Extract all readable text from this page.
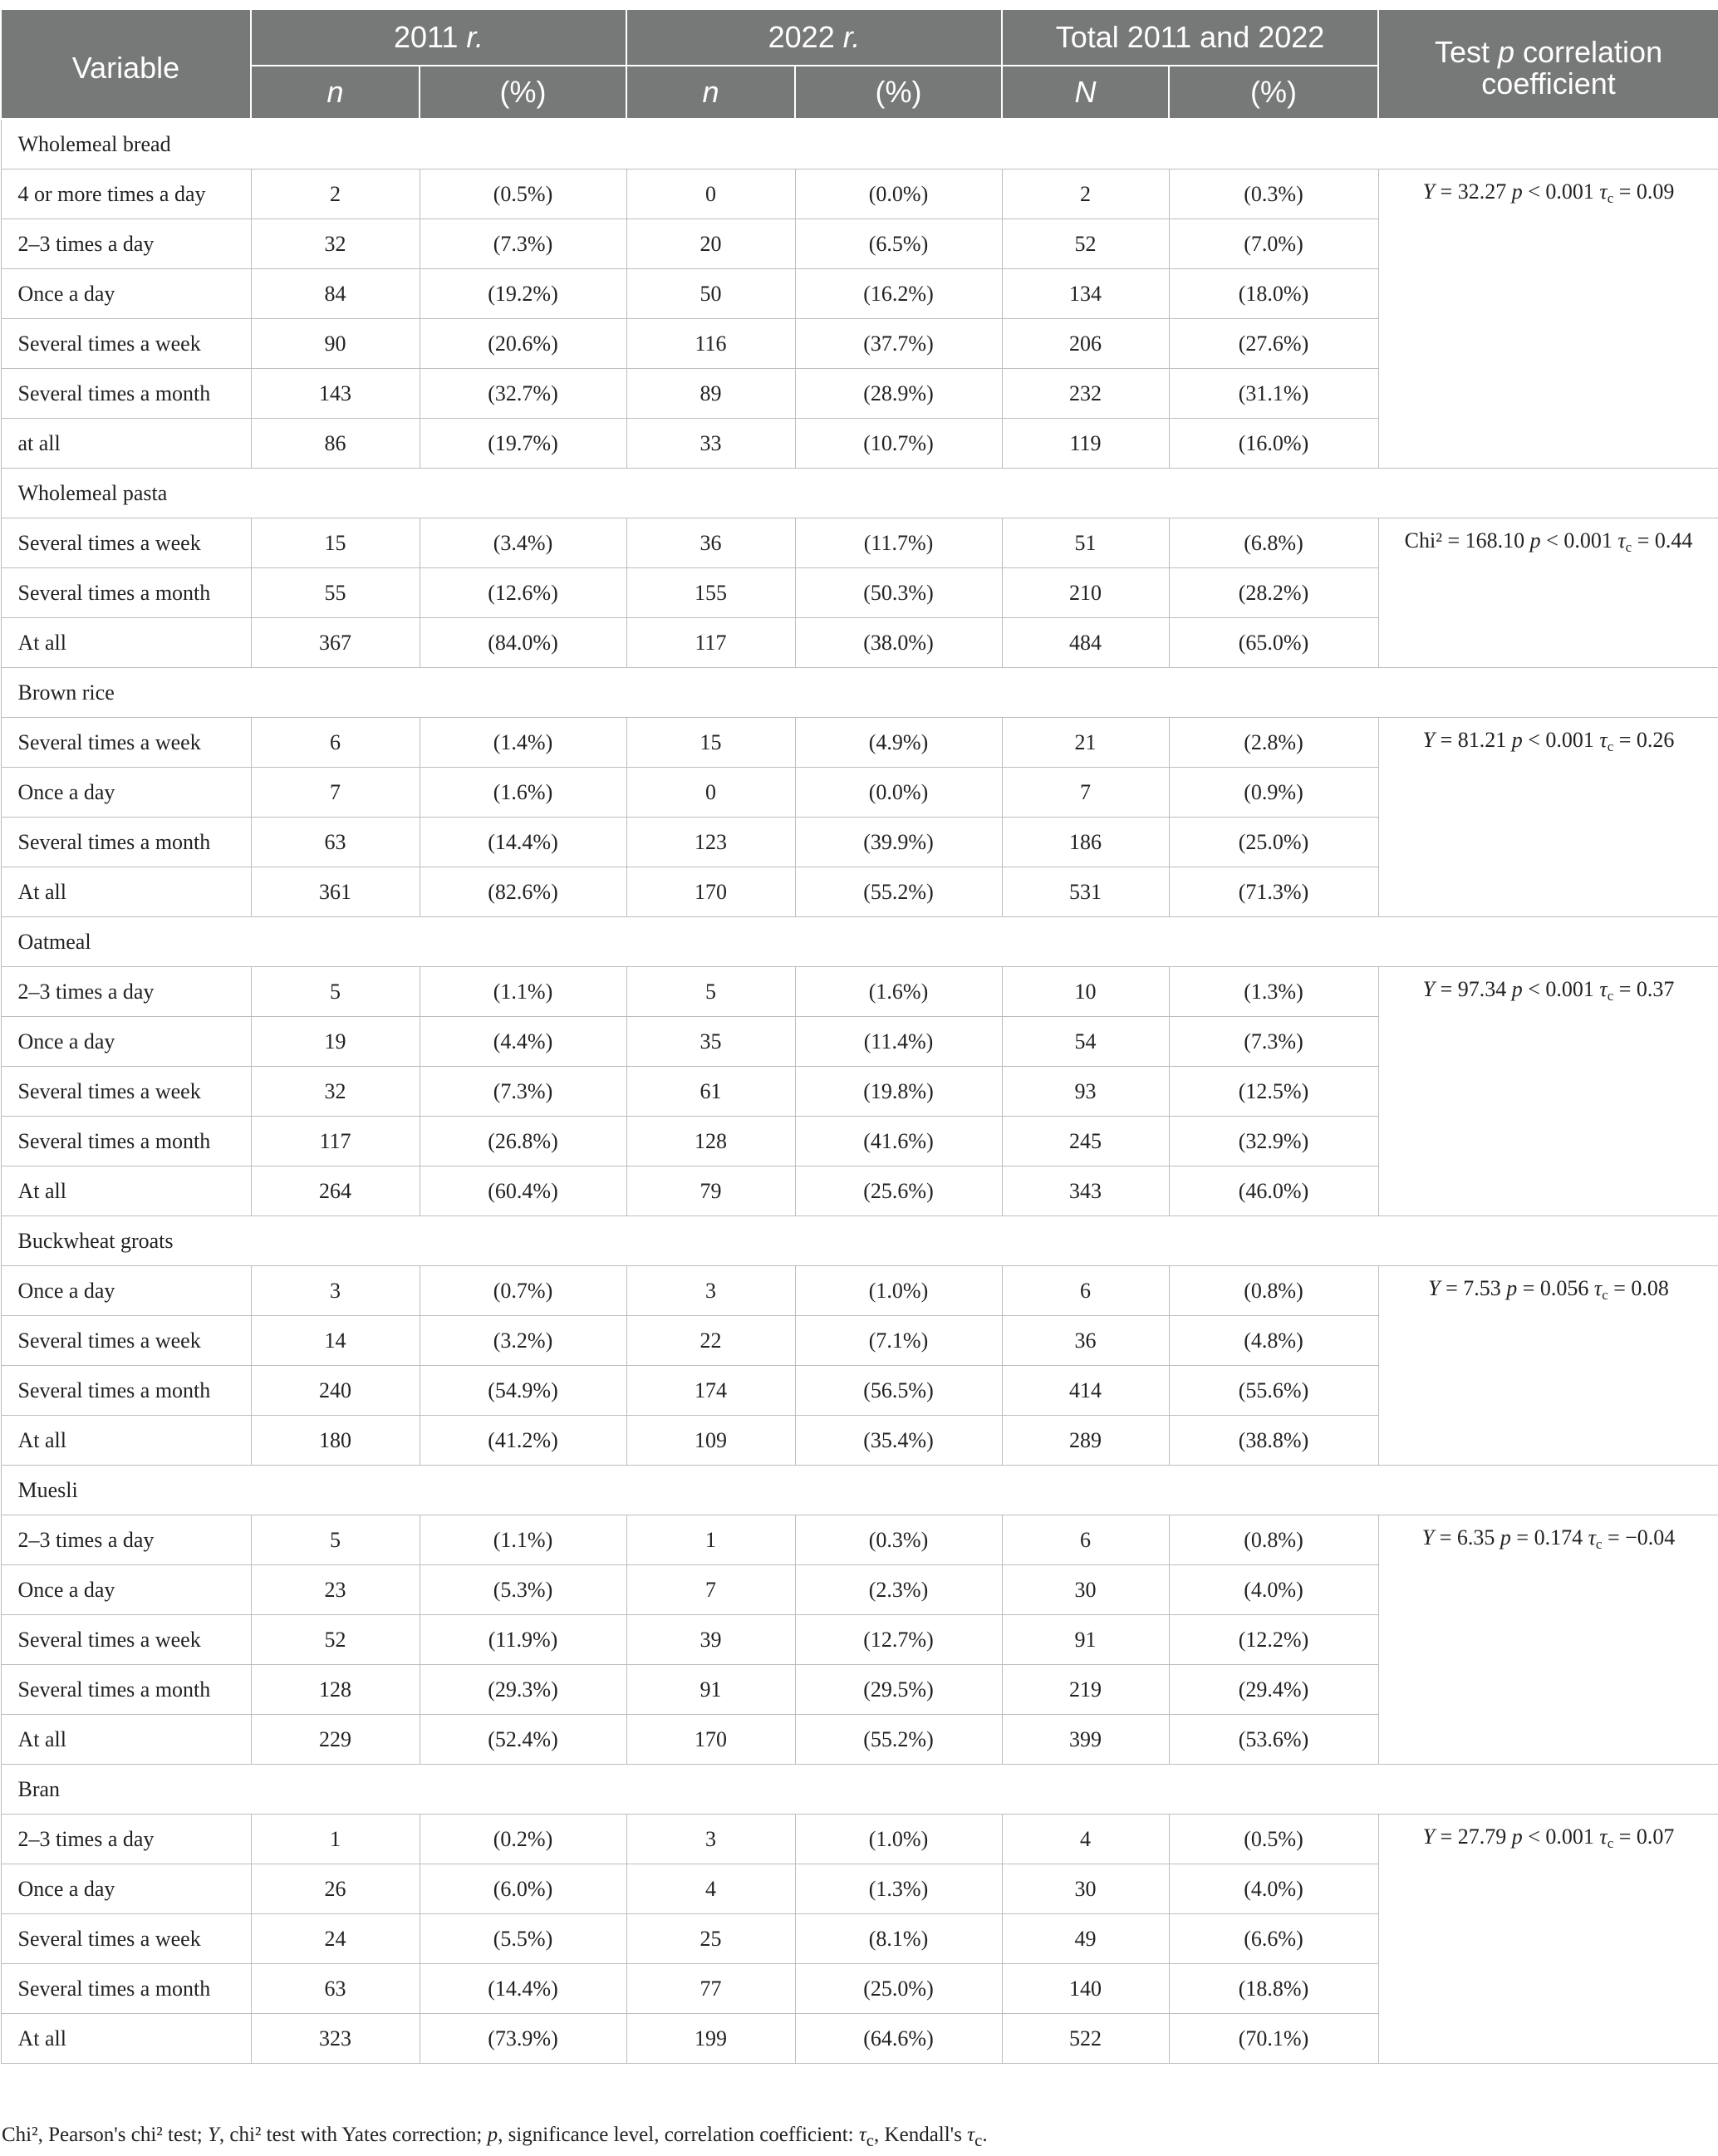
Variable	2011 r.		2022 r.		Total 2011 and 2022		Test p correlation coefficient
	n	(%)	n	(%)	N	(%)	
Wholemeal bread							
4 or more times a day	2	(0.5%)	0	(0.0%)	2	(0.3%)	Y = 32.27 p < 0.001 $\tau_c = 0.09$
2–3 times a day	32	(7.3%)	20	(6.5%)	52	(7.0%)	
Once a day	84	(19.2%)	50	(16.2%)	134	(18.0%)	
Several times a week	90	(20.6%)	116	(37.7%)	206	(27.6%)	
Several times a month	143	(32.7%)	89	(28.9%)	232	(31.1%)	
at all	86	(19.7%)	33	(10.7%)	119	(16.0%)	
Wholemeal pasta							
Several times a week	15	(3.4%)	36	(11.7%)	51	(6.8%)	Chi² = 168.10 p < 0.001 $\tau_c = 0.44$
Several times a month	55	(12.6%)	155	(50.3%)	210	(28.2%)	
At all	367	(84.0%)	117	(38.0%)	484	(65.0%)	
Brown rice							
Several times a week	6	(1.4%)	15	(4.9%)	21	(2.8%)	Y = 81.21 p < 0.001 $\tau_c = 0.26$
Once a day	7	(1.6%)	0	(0.0%)	7	(0.9%)	
Several times a month	63	(14.4%)	123	(39.9%)	186	(25.0%)	
At all	361	(82.6%)	170	(55.2%)	531	(71.3%)	
Oatmeal							
2–3 times a day	5	(1.1%)	5	(1.6%)	10	(1.3%)	Y = 97.34 p < 0.001 $\tau_c = 0.37$
Once a day	19	(4.4%)	35	(11.4%)	54	(7.3%)	
Several times a week	32	(7.3%)	61	(19.8%)	93	(12.5%)	
Several times a month	117	(26.8%)	128	(41.6%)	245	(32.9%)	
At all	264	(60.4%)	79	(25.6%)	343	(46.0%)	
Buckwheat groats							
Once a day	3	(0.7%)	3	(1.0%)	6	(0.8%)	Y = 7.53 p = 0.056 $\tau_c = 0.08$
Several times a week	14	(3.2%)	22	(7.1%)	36	(4.8%)	
Several times a month	240	(54.9%)	174	(56.5%)	414	(55.6%)	
At all	180	(41.2%)	109	(35.4%)	289	(38.8%)	
Muesli							
2–3 times a day	5	(1.1%)	1	(0.3%)	6	(0.8%)	Y = 6.35 p = 0.174 $\tau_c = -0.04$
Once a day	23	(5.3%)	7	(2.3%)	30	(4.0%)	
Several times a week	52	(11.9%)	39	(12.7%)	91	(12.2%)	
Several times a month	128	(29.3%)	91	(29.5%)	219	(29.4%)	
At all	229	(52.4%)	170	(55.2%)	399	(53.6%)	
Bran							
2–3 times a day	1	(0.2%)	3	(1.0%)	4	(0.5%)	Y = 27.79 p < 0.001 $\tau_c = 0.07$
Once a day	26	(6.0%)	4	(1.3%)	30	(4.0%)	
Several times a week	24	(5.5%)	25	(8.1%)	49	(6.6%)	
Several times a month	63	(14.4%)	77	(25.0%)	140	(18.8%)	
At all	323	(73.9%)	199	(64.6%)	522	(70.1%)	
Chi², Pearson's chi² test; Y, chi² test with Yates correction; p, significance level, correlation coefficient: $\tau_c$, Kendall's $\tau_c$.
